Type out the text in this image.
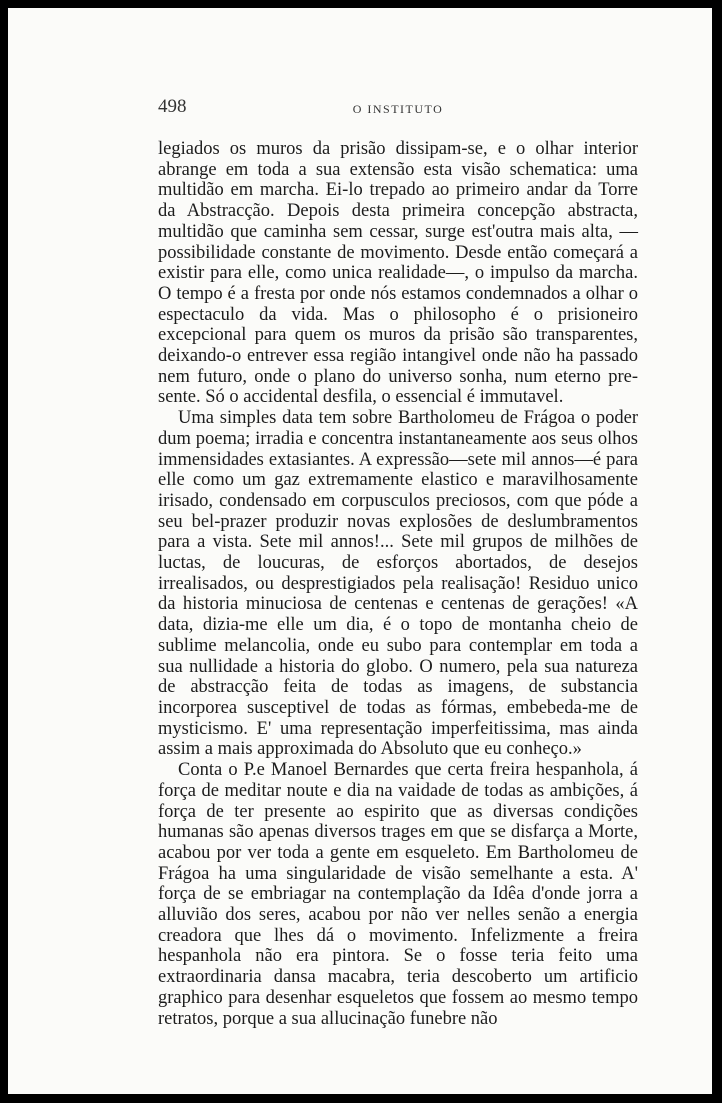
498	O INSTITUTO

legiados os muros da prisão dissipam-se, e o olhar interior abrange em toda a sua extensão esta visão schematica: uma multidão em marcha. Ei-lo trepado ao primeiro andar da Torre da Abstracção. Depois desta primeira concepção abstracta, multidão que caminha sem cessar, surge est'outra mais alta, —possibilidade constante de movimento. Desde então começará a existir para elle, como unica realidade—, o impulso da marcha. O tempo é a fresta por onde nós estamos condemnados a olhar o espectaculo da vida. Mas o philosopho é o prisioneiro excepcional para quem os muros da prisão são transparentes, deixando-o entrever essa região intangivel onde não ha passado nem futuro, onde o plano do universo sonha, num eterno presente. Só o accidental desfila, o essencial é immutavel.

Uma simples data tem sobre Bartholomeu de Frágoa o poder dum poema; irradia e concentra instantaneamente aos seus olhos immensidades extasiantes. A expressão—sete mil annos—é para elle como um gaz extremamente elastico e maravilhosamente irisado, condensado em corpusculos preciosos, com que póde a seu bel-prazer produzir novas explosões de deslumbramentos para a vista. Sete mil annos!... Sete mil grupos de milhões de luctas, de loucuras, de esforços abortados, de desejos irrealisados, ou desprestigiados pela realisação! Residuo unico da historia minuciosa de centenas e centenas de gerações! «A data, dizia-me elle um dia, é o topo de montanha cheio de sublime melancolia, onde eu subo para contemplar em toda a sua nullidade a historia do globo. O numero, pela sua natureza de abstracção feita de todas as imagens, de substancia incorporea susceptivel de todas as fórmas, embebeda-me de mysticismo. E' uma representação imperfeitissima, mas ainda assim a mais approximada do Absoluto que eu conheço.»

Conta o P.e Manoel Bernardes que certa freira hespanhola, á força de meditar noute e dia na vaidade de todas as ambições, á força de ter presente ao espirito que as diversas condições humanas são apenas diversos trages em que se disfarça a Morte, acabou por ver toda a gente em esqueleto. Em Bartholomeu de Frágoa ha uma singularidade de visão semelhante a esta. A' força de se embriagar na contemplação da Idêa d'onde jorra a alluvião dos seres, acabou por não ver nelles senão a energia creadora que lhes dá o movimento. Infelizmente a freira hespanhola não era pintora. Se o fosse teria feito uma extraordinaria dansa macabra, teria descoberto um artificio graphico para desenhar esqueletos que fossem ao mesmo tempo retratos, porque a sua allucinação funebre não
